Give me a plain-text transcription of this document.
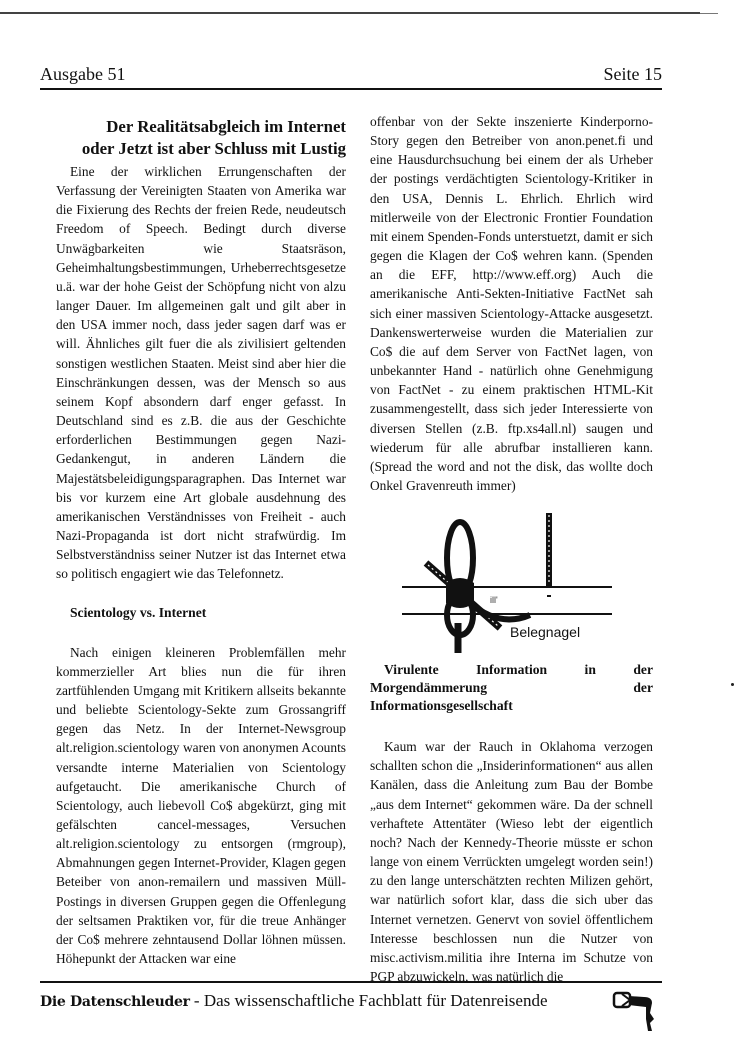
Ausgabe 51	Seite 15
Der Realitätsabgleich im Internet
oder Jetzt ist aber Schluss mit Lustig

Eine der wirklichen Errungenschaften der Verfassung der Vereinigten Staaten von Amerika war die Fixierung des Rechts der freien Rede, neudeutsch Freedom of Speech. Bedingt durch diverse Unwägbarkeiten wie Staatsräson, Geheimhaltungsbestimmungen, Urheberrechtsgesetze u.ä. war der hohe Geist der Schöpfung nicht von alzu langer Dauer. Im allgemeinen galt und gilt aber in den USA immer noch, dass jeder sagen darf was er will. Ähnliches gilt fuer die als zivilisiert geltenden sonstigen westlichen Staaten. Meist sind aber hier die Einschränkungen dessen, was der Mensch so aus seinem Kopf absondern darf enger gefasst. In Deutschland sind es z.B. die aus der Geschichte erforderlichen Bestimmungen gegen Nazi-Gedankengut, in anderen Ländern die Majestätsbeleidigungsparagraphen. Das Internet war bis vor kurzem eine Art globale ausdehnung des amerikanischen Verständnisses von Freiheit - auch Nazi-Propaganda ist dort nicht strafwürdig. Im Selbstverständniss seiner Nutzer ist das Internet etwa so politisch engagiert wie das Telefonnetz.

Scientology vs. Internet

Nach einigen kleineren Problemfällen mehr kommerzieller Art blies nun die für ihren zartfühlenden Umgang mit Kritikern allseits bekannte und beliebte Scientology-Sekte zum Grossangriff gegen das Netz. In der Internet-Newsgroup alt.religion.scientology waren von anonymen Acounts versandte interne Materialien von Scientology aufgetaucht. Die amerikanische Church of Scientology, auch liebevoll Co$ abgekürzt, ging mit gefälschten cancel-messages, Versuchen alt.religion.scientology zu entsorgen (rmgroup), Abmahnungen gegen Internet-Provider, Klagen gegen Beteiber von anon-remailern und massiven Müll-Postings in diversen Gruppen gegen die Offenlegung der seltsamen Praktiken vor, für die treue Anhänger der Co$ mehrere zehntausend Dollar löhnen müssen. Höhepunkt der Attacken war eine

offenbar von der Sekte inszenierte Kinderporno-Story gegen den Betreiber von anon.penet.fi und eine Hausdurchsuchung bei einem der als Urheber der postings verdächtigten Scientology-Kritiker in den USA, Dennis L. Ehrlich. Ehrlich wird mitlerweile von der Electronic Frontier Foundation mit einem Spenden-Fonds unterstuetzt, damit er sich gegen die Klagen der Co$ wehren kann. (Spenden an die EFF, http://www.eff.org) Auch die amerikanische Anti-Sekten-Initiative FactNet sah sich einer massiven Scientology-Attacke ausgesetzt. Dankenswerterweise wurden die Materialien zur Co$ die auf dem Server von FactNet lagen, von unbekannter Hand - natürlich ohne Genehmigung von FactNet - zu einem praktischen HTML-Kit zusammengestellt, dass sich jeder Interessierte von diversen Stellen (z.B. ftp.xs4all.nl) saugen und wiederum für alle abrufbar installieren kann. (Spread the word and not the disk, das wollte doch Onkel Gravenreuth immer)

ill'
Belegnagel
Virulente Information in der Morgendämmerung der Informationsgesellschaft

Kaum war der Rauch in Oklahoma verzogen schallten schon die „Insiderinformationen“ aus allen Kanälen, dass die Anleitung zum Bau der Bombe „aus dem Internet“ gekommen wäre. Da der schnell verhaftete Attentäter (Wieso lebt der eigentlich noch? Nach der Kennedy-Theorie müsste er schon lange von einem Verrückten umgelegt worden sein!) zu den lange unterschätzten rechten Milizen gehört, war natürlich sofort klar, dass die sich uber das Internet vernetzen. Genervt von soviel öffentlichem Interesse beschlossen nun die Nutzer von misc.activism.militia ihre Interna im Schutze von PGP abzuwickeln, was natürlich die

Die Datenschleuder - Das wissenschaftliche Fachblatt für Datenreisende
